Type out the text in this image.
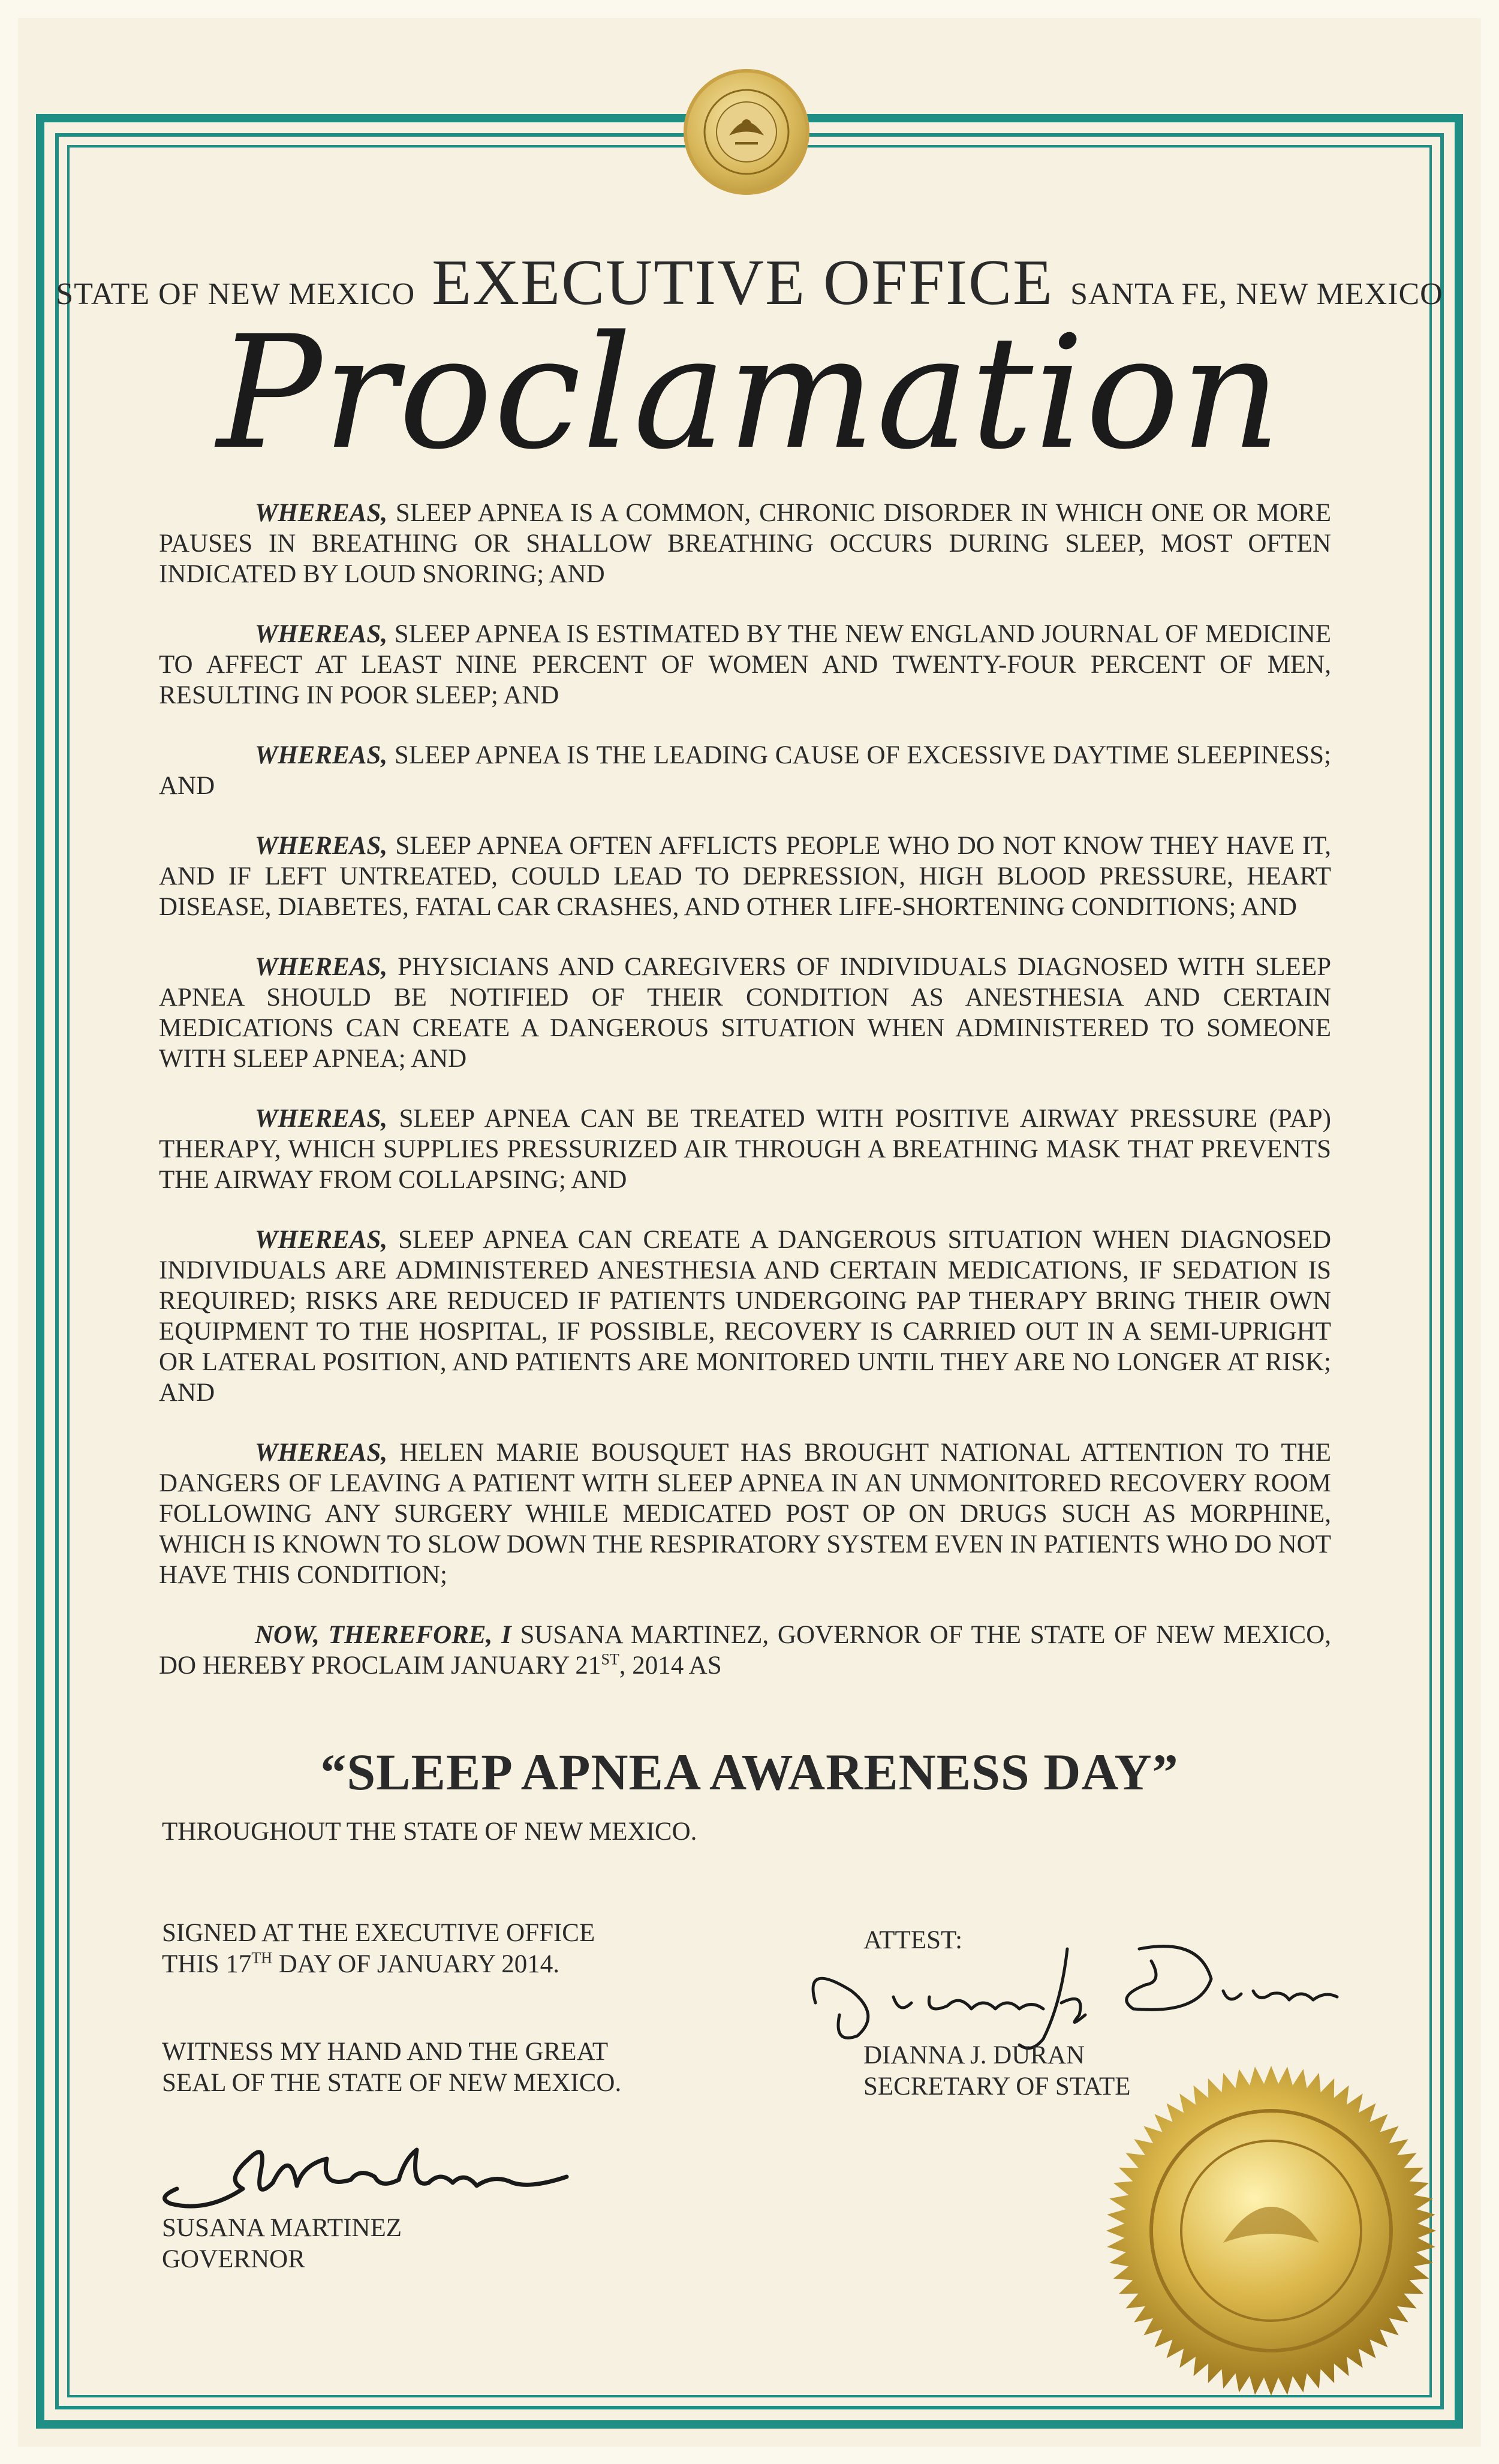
STATE OF NEW MEXICO EXECUTIVE OFFICE SANTA FE, NEW MEXICO
Proclamation

WHEREAS, SLEEP APNEA IS A COMMON, CHRONIC DISORDER IN WHICH ONE OR MORE PAUSES IN BREATHING OR SHALLOW BREATHING OCCURS DURING SLEEP, MOST OFTEN INDICATED BY LOUD SNORING; AND

WHEREAS, SLEEP APNEA IS ESTIMATED BY THE NEW ENGLAND JOURNAL OF MEDICINE TO AFFECT AT LEAST NINE PERCENT OF WOMEN AND TWENTY-FOUR PERCENT OF MEN, RESULTING IN POOR SLEEP; AND

WHEREAS, SLEEP APNEA IS THE LEADING CAUSE OF EXCESSIVE DAYTIME SLEEPINESS; AND

WHEREAS, SLEEP APNEA OFTEN AFFLICTS PEOPLE WHO DO NOT KNOW THEY HAVE IT, AND IF LEFT UNTREATED, COULD LEAD TO DEPRESSION, HIGH BLOOD PRESSURE, HEART DISEASE, DIABETES, FATAL CAR CRASHES, AND OTHER LIFE-SHORTENING CONDITIONS; AND

WHEREAS, PHYSICIANS AND CAREGIVERS OF INDIVIDUALS DIAGNOSED WITH SLEEP APNEA SHOULD BE NOTIFIED OF THEIR CONDITION AS ANESTHESIA AND CERTAIN MEDICATIONS CAN CREATE A DANGEROUS SITUATION WHEN ADMINISTERED TO SOMEONE WITH SLEEP APNEA; AND

WHEREAS, SLEEP APNEA CAN BE TREATED WITH POSITIVE AIRWAY PRESSURE (PAP) THERAPY, WHICH SUPPLIES PRESSURIZED AIR THROUGH A BREATHING MASK THAT PREVENTS THE AIRWAY FROM COLLAPSING; AND

WHEREAS, SLEEP APNEA CAN CREATE A DANGEROUS SITUATION WHEN DIAGNOSED INDIVIDUALS ARE ADMINISTERED ANESTHESIA AND CERTAIN MEDICATIONS, IF SEDATION IS REQUIRED; RISKS ARE REDUCED IF PATIENTS UNDERGOING PAP THERAPY BRING THEIR OWN EQUIPMENT TO THE HOSPITAL, IF POSSIBLE, RECOVERY IS CARRIED OUT IN A SEMI-UPRIGHT OR LATERAL POSITION, AND PATIENTS ARE MONITORED UNTIL THEY ARE NO LONGER AT RISK; AND

WHEREAS, HELEN MARIE BOUSQUET HAS BROUGHT NATIONAL ATTENTION TO THE DANGERS OF LEAVING A PATIENT WITH SLEEP APNEA IN AN UNMONITORED RECOVERY ROOM FOLLOWING ANY SURGERY WHILE MEDICATED POST OP ON DRUGS SUCH AS MORPHINE, WHICH IS KNOWN TO SLOW DOWN THE RESPIRATORY SYSTEM EVEN IN PATIENTS WHO DO NOT HAVE THIS CONDITION;

NOW, THEREFORE, I SUSANA MARTINEZ, GOVERNOR OF THE STATE OF NEW MEXICO, DO HEREBY PROCLAIM JANUARY 21ST, 2014 AS

“SLEEP APNEA AWARENESS DAY”
THROUGHOUT THE STATE OF NEW MEXICO.
SIGNED AT THE EXECUTIVE OFFICE
THIS 17TH DAY OF JANUARY 2014.
WITNESS MY HAND AND THE GREAT
SEAL OF THE STATE OF NEW MEXICO.
SUSANA MARTINEZ
GOVERNOR
ATTEST:
DIANNA J. DURAN
SECRETARY OF STATE
